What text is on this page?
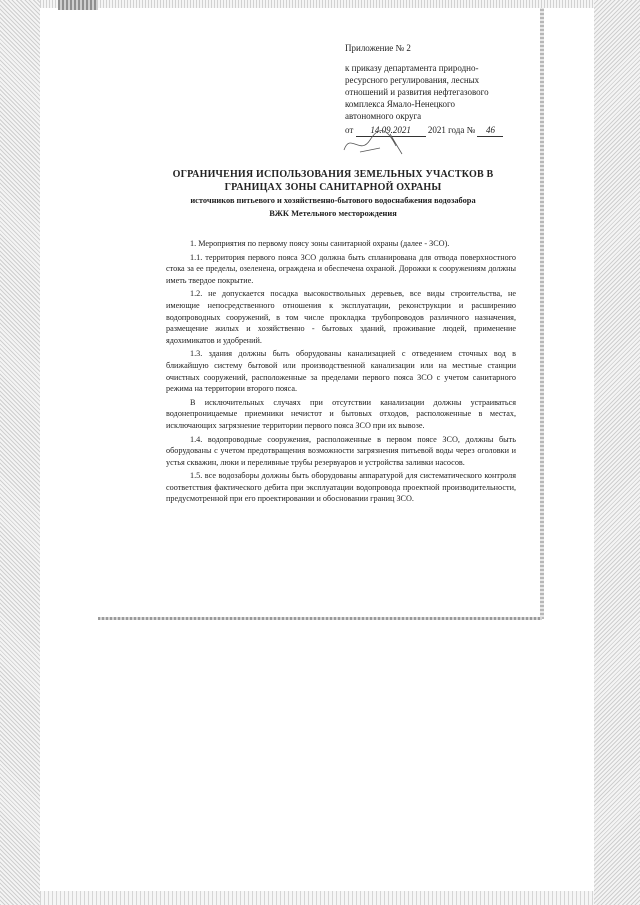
Приложение № 2
к приказу департамента природно-
ресурсного регулирования, лесных
отношений и развития нефтегазового
комплекса Ямало-Ненецкого
автономного округа
от 14.09.2021 2021 года № 46
ОГРАНИЧЕНИЯ ИСПОЛЬЗОВАНИЯ ЗЕМЕЛЬНЫХ УЧАСТКОВ В
ГРАНИЦАХ ЗОНЫ САНИТАРНОЙ ОХРАНЫ
источников питьевого и хозяйственно-бытового водоснабжения водозабора
ВЖК Метельного месторождения

1. Мероприятия по первому поясу зоны санитарной охраны (далее - ЗСО).

1.1. территория первого пояса ЗСО должна быть спланирована для отвода поверхностного стока за ее пределы, озеленена, ограждена и обеспечена охраной. Дорожки к сооружениям должны иметь твердое покрытие.

1.2. не допускается посадка высокоствольных деревьев, все виды строительства, не имеющие непосредственного отношения к эксплуатации, реконструкции и расширению водопроводных сооружений, в том числе прокладка трубопроводов различного назначения, размещение жилых и хозяйственно - бытовых зданий, проживание людей, применение ядохимикатов и удобрений.

1.3. здания должны быть оборудованы канализацией с отведением сточных вод в ближайшую систему бытовой или производственной канализации или на местные станции очистных сооружений, расположенные за пределами первого пояса ЗСО с учетом санитарного режима на территории второго пояса.

В исключительных случаях при отсутствии канализации должны устраиваться водонепроницаемые приемники нечистот и бытовых отходов, расположенные в местах, исключающих загрязнение территории первого пояса ЗСО при их вывозе.

1.4. водопроводные сооружения, расположенные в первом поясе ЗСО, должны быть оборудованы с учетом предотвращения возможности загрязнения питьевой воды через оголовки и устья скважин, люки и переливные трубы резервуаров и устройства заливки насосов.

1.5. все водозаборы должны быть оборудованы аппаратурой для систематического контроля соответствия фактического дебита при эксплуатации водопровода проектной производительности, предусмотренной при его проектировании и обосновании границ ЗСО.
